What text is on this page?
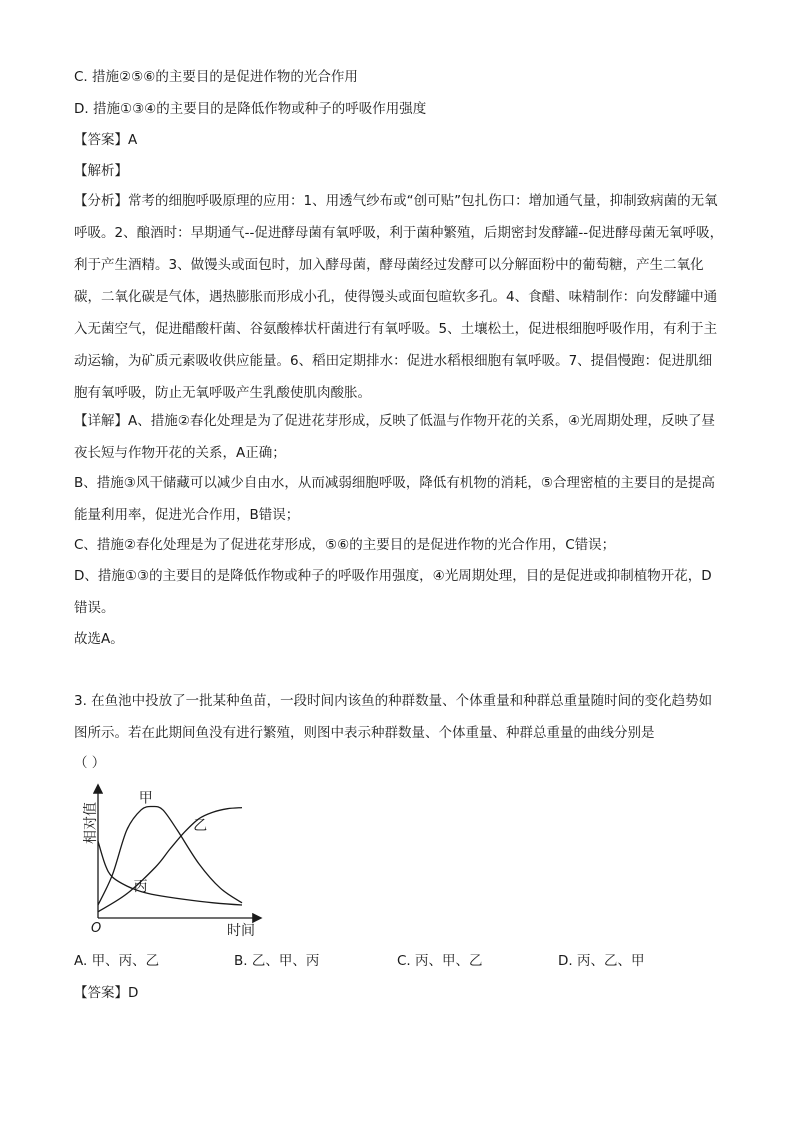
C. 措施②⑤⑥的主要目的是促进作物的光合作用
D. 措施①③④的主要目的是降低作物或种子的呼吸作用强度
【答案】A
【解析】
【分析】常考的细胞呼吸原理的应用：1、用透气纱布或“创可贴”包扎伤口：增加通气量，抑制致病菌的无氧呼吸。2、酿酒时：早期通气--促进酵母菌有氧呼吸，利于菌种繁殖，后期密封发酵罐--促进酵母菌无氧呼吸，利于产生酒精。3、做馒头或面包时，加入酵母菌，酵母菌经过发酵可以分解面粉中的葡萄糖，产生二氧化碳，二氧化碳是气体，遇热膨胀而形成小孔，使得馒头或面包暄软多孔。4、食醋、味精制作：向发酵罐中通入无菌空气，促进醋酸杆菌、谷氨酸棒状杆菌进行有氧呼吸。5、土壤松土，促进根细胞呼吸作用，有利于主动运输，为矿质元素吸收供应能量。6、稻田定期排水：促进水稻根细胞有氧呼吸。7、提倡慢跑：促进肌细胞有氧呼吸，防止无氧呼吸产生乳酸使肌肉酸胀。
【详解】A、措施②春化处理是为了促进花芽形成，反映了低温与作物开花的关系，④光周期处理，反映了昼夜长短与作物开花的关系，A正确；
B、措施③风干储藏可以减少自由水，从而减弱细胞呼吸，降低有机物的消耗，⑤合理密植的主要目的是提高能量利用率，促进光合作用，B错误；
C、措施②春化处理是为了促进花芽形成，⑤⑥的主要目的是促进作物的光合作用，C错误；
D、措施①③的主要目的是降低作物或种子的呼吸作用强度，④光周期处理，目的是促进或抑制植物开花，D错误。
故选A。
3. 在鱼池中投放了一批某种鱼苗，一段时间内该鱼的种群数量、个体重量和种群总重量随时间的变化趋势如图所示。若在此期间鱼没有进行繁殖，则图中表示种群数量、个体重量、种群总重量的曲线分别是
（ ）
相对值
时间
O
甲
乙
丙
A. 甲、丙、乙	B. 乙、甲、丙	C. 丙、甲、乙	D. 丙、乙、甲
【答案】D
